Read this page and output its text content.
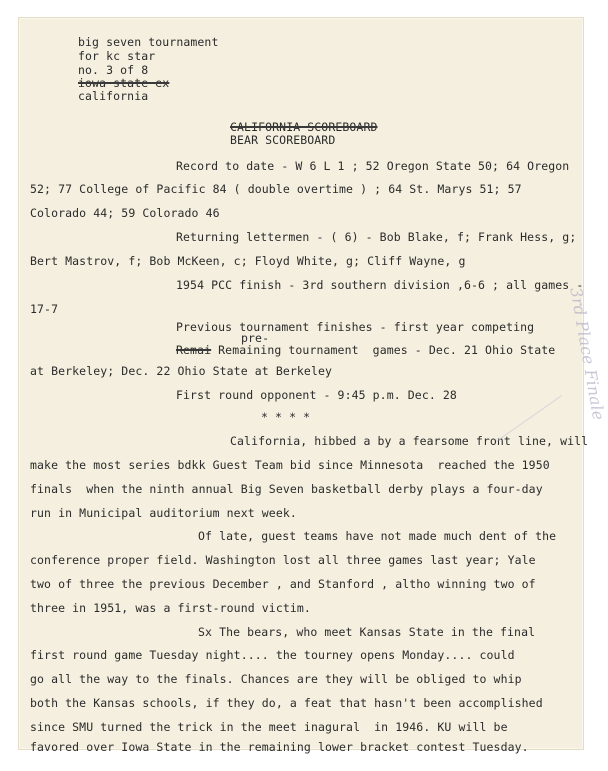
big seven tournament
for kc star
no. 3 of 8
iowa state ex
california
CALIFORNIA SCOREBOARD
BEAR SCOREBOARD
Record to date - W 6 L 1 ; 52 Oregon State 50; 64 Oregon
52; 77 College of Pacific 84 ( double overtime ) ; 64 St. Marys 51; 57
Colorado 44; 59 Colorado 46
Returning lettermen - ( 6) - Bob Blake, f; Frank Hess, g;
Bert Mastrov, f; Bob McKeen, c; Floyd White, g; Cliff Wayne, g
1954 PCC finish - 3rd southern division ,6-6 ; all games -
17-7
Previous tournament finishes - first year competing
pre-
Remai Remaining tournament  games - Dec. 21 Ohio State
at Berkeley; Dec. 22 Ohio State at Berkeley
First round opponent - 9:45 p.m. Dec. 28
* * * *
California, hibbed a by a fearsome front line, will
make the most series bdkk Guest Team bid since Minnesota  reached the 1950
finals  when the ninth annual Big Seven basketball derby plays a four-day
run in Municipal auditorium next week.
Of late, guest teams have not made much dent of the
conference proper field. Washington lost all three games last year; Yale
two of three the previous December , and Stanford , altho winning two of
three in 1951, was a first-round victim.
Sx The bears, who meet Kansas State in the final
first round game Tuesday night.... the tourney opens Monday.... could
go all the way to the finals. Chances are they will be obliged to whip
both the Kansas schools, if they do, a feat that hasn't been accomplished
since SMU turned the trick in the meet inagural  in 1946. KU will be
favored over Iowa State in the remaining lower bracket contest Tuesday.
3rd Place Finale
